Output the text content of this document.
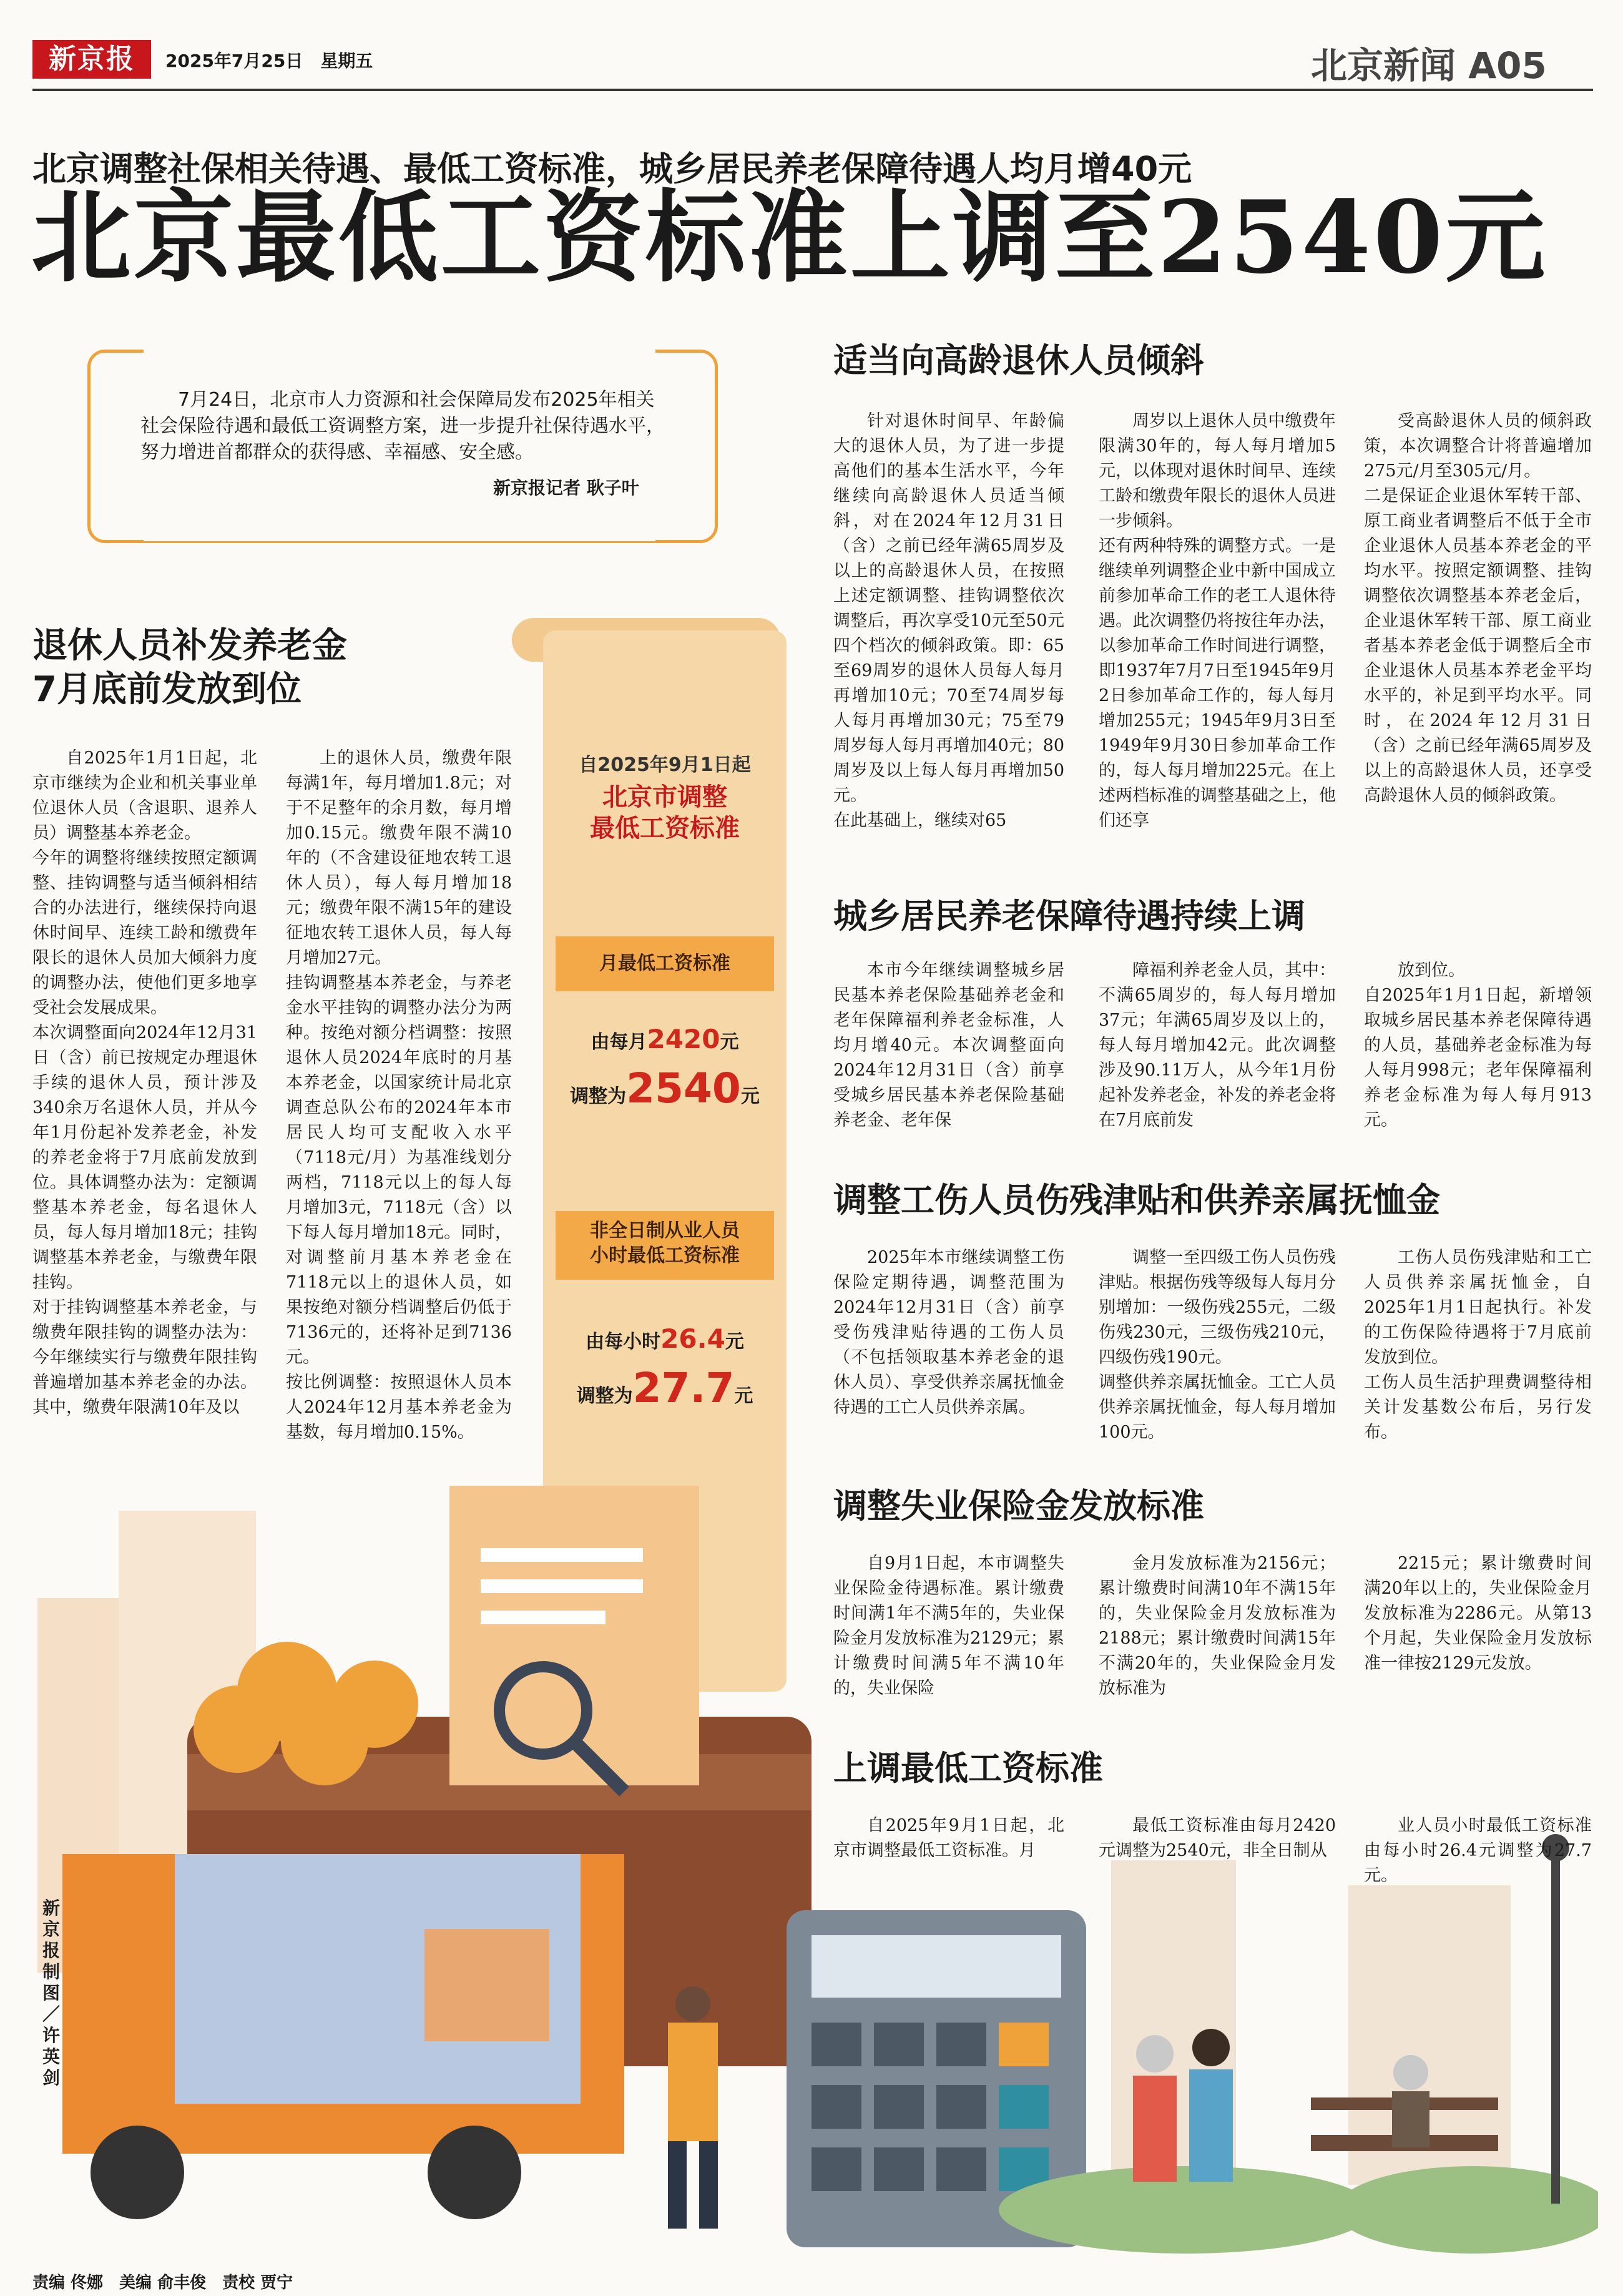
新京报	2025年7月25日　星期五	北京新闻 A05
北京调整社保相关待遇、最低工资标准，城乡居民养老保障待遇人均月增40元
北京最低工资标准上调至2540元
7月24日，北京市人力资源和社会保障局发布2025年相关社会保险待遇和最低工资调整方案，进一步提升社保待遇水平，努力增进首都群众的获得感、幸福感、安全感。
新京报记者 耿子叶
退休人员补发养老金
7月底前发放到位
自2025年1月1日起，北京市继续为企业和机关事业单位退休人员（含退职、退养人员）调整基本养老金。
今年的调整将继续按照定额调整、挂钩调整与适当倾斜相结合的办法进行，继续保持向退休时间早、连续工龄和缴费年限长的退休人员加大倾斜力度的调整办法，使他们更多地享受社会发展成果。
本次调整面向2024年12月31日（含）前已按规定办理退休手续的退休人员，预计涉及340余万名退休人员，并从今年1月份起补发养老金，补发的养老金将于7月底前发放到位。具体调整办法为：定额调整基本养老金，每名退休人员，每人每月增加18元；挂钩调整基本养老金，与缴费年限挂钩。
对于挂钩调整基本养老金，与缴费年限挂钩的调整办法为：今年继续实行与缴费年限挂钩普遍增加基本养老金的办法。其中，缴费年限满10年及以
上的退休人员，缴费年限每满1年，每月增加1.8元；对于不足整年的余月数，每月增加0.15元。缴费年限不满10年的（不含建设征地农转工退休人员），每人每月增加18元；缴费年限不满15年的建设征地农转工退休人员，每人每月增加27元。
挂钩调整基本养老金，与养老金水平挂钩的调整办法分为两种。按绝对额分档调整：按照退休人员2024年底时的月基本养老金，以国家统计局北京调查总队公布的2024年本市居民人均可支配收入水平（7118元/月）为基准线划分两档，7118元以上的每人每月增加3元，7118元（含）以下每人每月增加18元。同时，对调整前月基本养老金在7118元以上的退休人员，如果按绝对额分档调整后仍低于7136元的，还将补足到7136元。
按比例调整：按照退休人员本人2024年12月基本养老金为基数，每月增加0.15%。
自2025年9月1日起
北京市调整
最低工资标准
月最低工资标准
由每月2420元
调整为2540元
非全日制从业人员
小时最低工资标准
由每小时26.4元
调整为27.7元
新京报制图／许英剑
适当向高龄退休人员倾斜
针对退休时间早、年龄偏大的退休人员，为了进一步提高他们的基本生活水平，今年继续向高龄退休人员适当倾斜，对在2024年12月31日（含）之前已经年满65周岁及以上的高龄退休人员，在按照上述定额调整、挂钩调整依次调整后，再次享受10元至50元四个档次的倾斜政策。即：65至69周岁的退休人员每人每月再增加10元；70至74周岁每人每月再增加30元；75至79周岁每人每月再增加40元；80周岁及以上每人每月再增加50元。
在此基础上，继续对65
周岁以上退休人员中缴费年限满30年的，每人每月增加5元，以体现对退休时间早、连续工龄和缴费年限长的退休人员进一步倾斜。
还有两种特殊的调整方式。一是继续单列调整企业中新中国成立前参加革命工作的老工人退休待遇。此次调整仍将按往年办法，以参加革命工作时间进行调整，即1937年7月7日至1945年9月2日参加革命工作的，每人每月增加255元；1945年9月3日至1949年9月30日参加革命工作的，每人每月增加225元。在上述两档标准的调整基础之上，他们还享
受高龄退休人员的倾斜政策，本次调整合计将普遍增加275元/月至305元/月。
二是保证企业退休军转干部、原工商业者调整后不低于全市企业退休人员基本养老金的平均水平。按照定额调整、挂钩调整依次调整基本养老金后，企业退休军转干部、原工商业者基本养老金低于调整后全市企业退休人员基本养老金平均水平的，补足到平均水平。同时，在2024年12月31日（含）之前已经年满65周岁及以上的高龄退休人员，还享受高龄退休人员的倾斜政策。
城乡居民养老保障待遇持续上调
本市今年继续调整城乡居民基本养老保险基础养老金和老年保障福利养老金标准，人均月增40元。本次调整面向2024年12月31日（含）前享受城乡居民基本养老保险基础养老金、老年保
障福利养老金人员，其中：不满65周岁的，每人每月增加37元；年满65周岁及以上的，每人每月增加42元。此次调整涉及90.11万人，从今年1月份起补发养老金，补发的养老金将在7月底前发
放到位。
自2025年1月1日起，新增领取城乡居民基本养老保障待遇的人员，基础养老金标准为每人每月998元；老年保障福利养老金标准为每人每月913元。
调整工伤人员伤残津贴和供养亲属抚恤金
2025年本市继续调整工伤保险定期待遇，调整范围为2024年12月31日（含）前享受伤残津贴待遇的工伤人员（不包括领取基本养老金的退休人员）、享受供养亲属抚恤金待遇的工亡人员供养亲属。
调整一至四级工伤人员伤残津贴。根据伤残等级每人每月分别增加：一级伤残255元，二级伤残230元，三级伤残210元，四级伤残190元。
调整供养亲属抚恤金。工亡人员供养亲属抚恤金，每人每月增加100元。
工伤人员伤残津贴和工亡人员供养亲属抚恤金，自2025年1月1日起执行。补发的工伤保险待遇将于7月底前发放到位。
工伤人员生活护理费调整待相关计发基数公布后，另行发布。
调整失业保险金发放标准
自9月1日起，本市调整失业保险金待遇标准。累计缴费时间满1年不满5年的，失业保险金月发放标准为2129元；累计缴费时间满5年不满10年的，失业保险
金月发放标准为2156元；累计缴费时间满10年不满15年的，失业保险金月发放标准为2188元；累计缴费时间满15年不满20年的，失业保险金月发放标准为
2215元；累计缴费时间满20年以上的，失业保险金月发放标准为2286元。从第13个月起，失业保险金月发放标准一律按2129元发放。
上调最低工资标准
自2025年9月1日起，北京市调整最低工资标准。月
最低工资标准由每月2420元调整为2540元，非全日制从
业人员小时最低工资标准由每小时26.4元调整为27.7元。
责编 佟娜　美编 俞丰俊　责校 贾宁
